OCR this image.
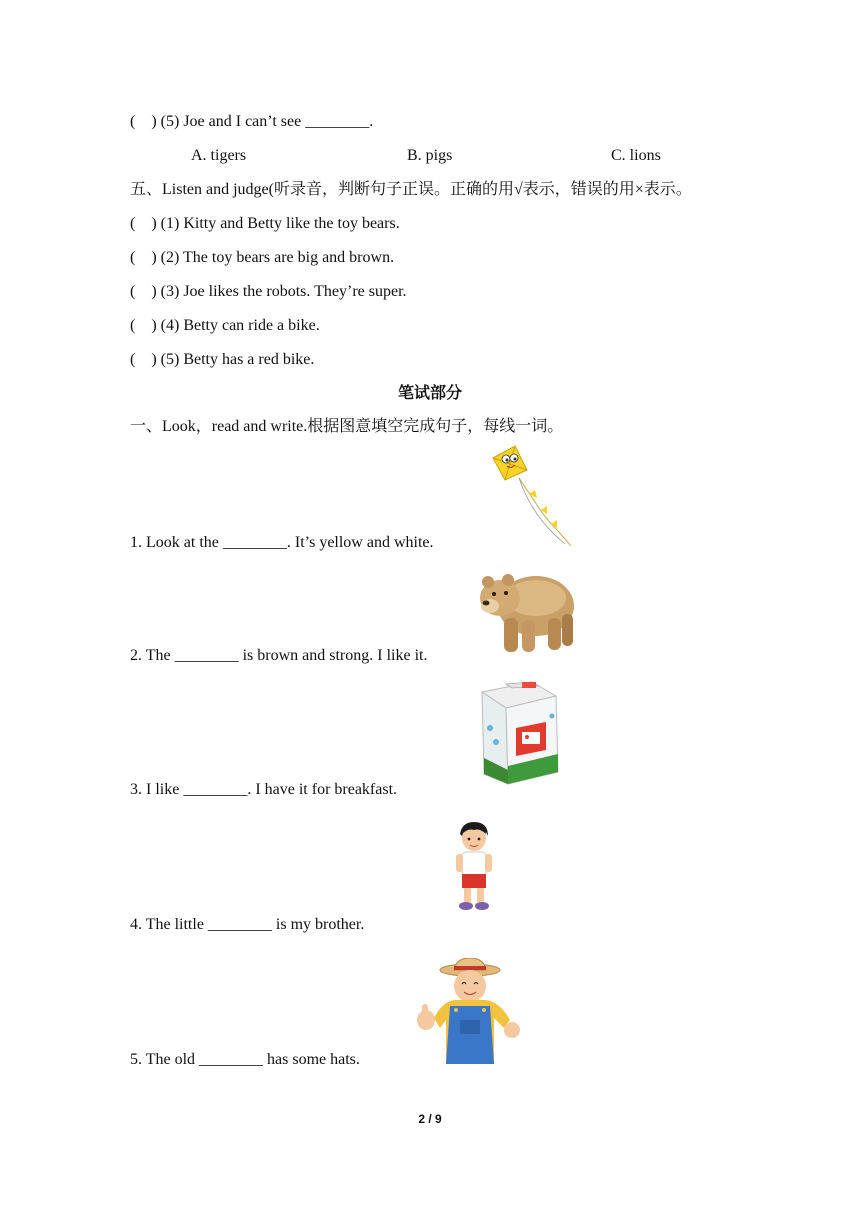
(    ) (5) Joe and I can’t see ________.
A. tigers	B. pigs	C. lions
五、Listen and judge(听录音，判断句子正误。正确的用√表示，错误的用×表示。
(    ) (1) Kitty and Betty like the toy bears.
(    ) (2) The toy bears are big and brown.
(    ) (3) Joe likes the robots. They’re super.
(    ) (4) Betty can ride a bike.
(    ) (5) Betty has a red bike.
笔试部分
一、Look，read and write.根据图意填空完成句子，每线一词。
1. Look at the ________. It’s yellow and white.
2. The ________ is brown and strong. I like it.
3. I like ________. I have it for breakfast.
4. The little ________ is my brother.
5. The old ________ has some hats.
2 / 9
